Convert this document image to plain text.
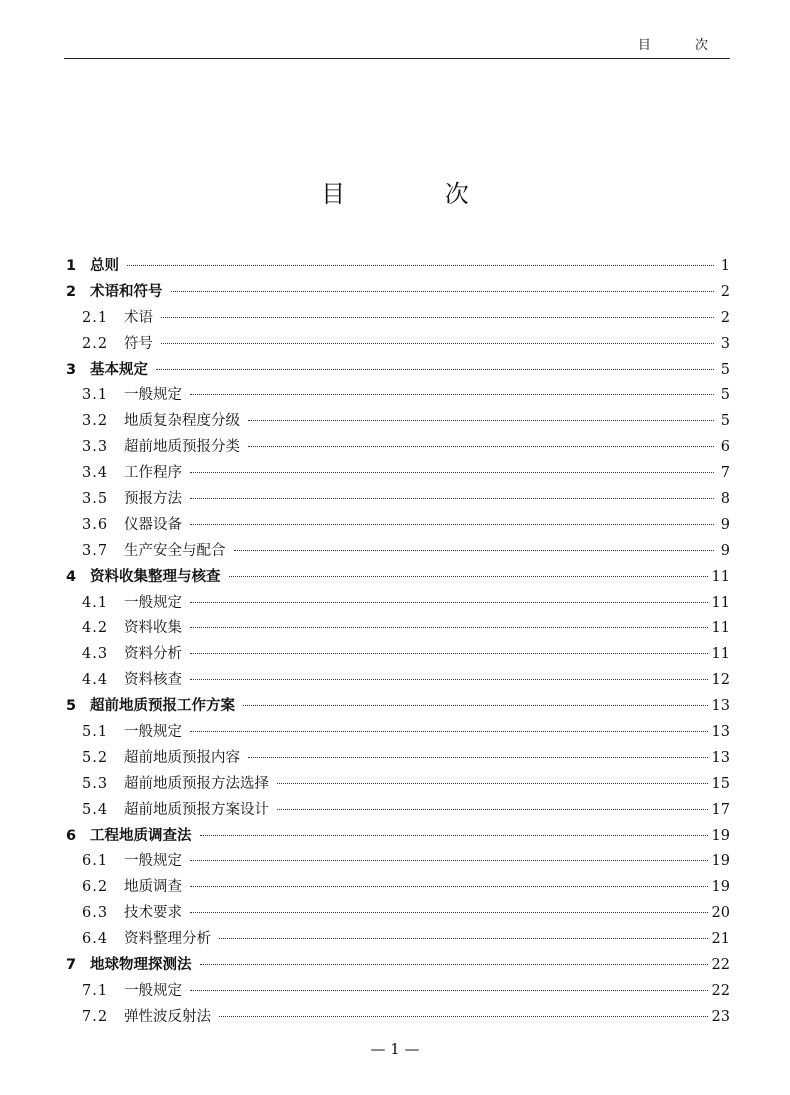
目 次
目 次
1 总则	1
2 术语和符号	2
2.1	术语	2
2.2	符号	3
3 基本规定	5
3.1	一般规定	5
3.2	地质复杂程度分级	5
3.3	超前地质预报分类	6
3.4	工作程序	7
3.5	预报方法	8
3.6	仪器设备	9
3.7	生产安全与配合	9
4 资料收集整理与核查	11
4.1	一般规定	11
4.2	资料收集	11
4.3	资料分析	11
4.4	资料核查	12
5 超前地质预报工作方案	13
5.1	一般规定	13
5.2	超前地质预报内容	13
5.3	超前地质预报方法选择	15
5.4	超前地质预报方案设计	17
6 工程地质调查法	19
6.1	一般规定	19
6.2	地质调查	19
6.3	技术要求	20
6.4	资料整理分析	21
7 地球物理探测法	22
7.1	一般规定	22
7.2	弹性波反射法	23
— 1 —
